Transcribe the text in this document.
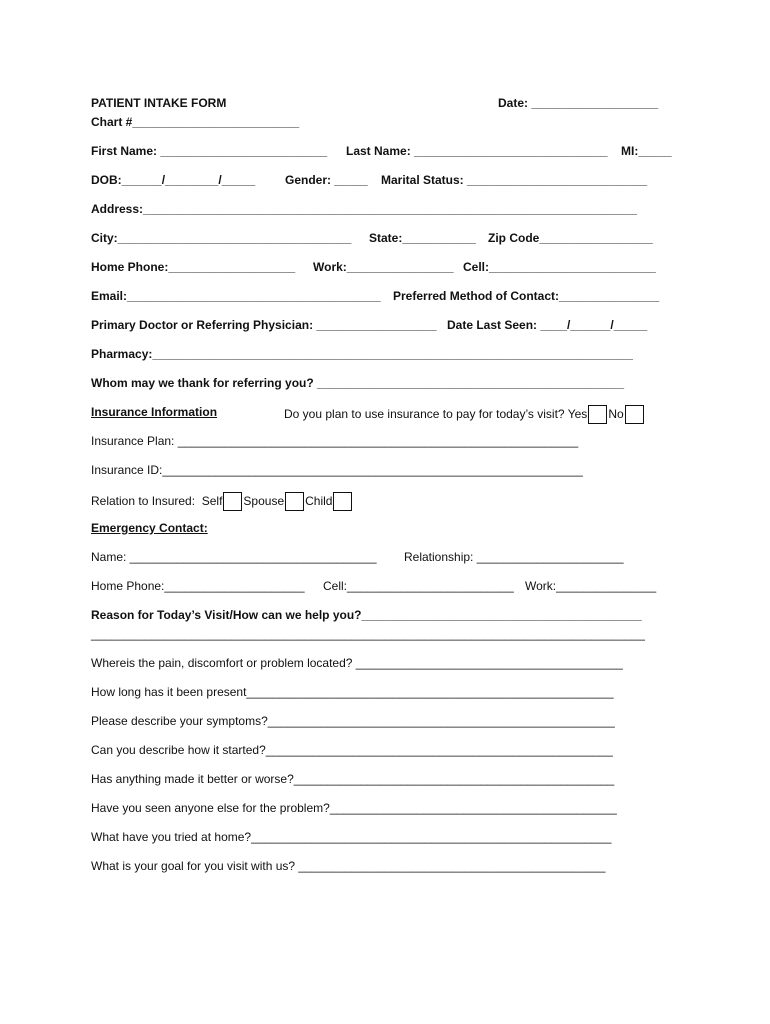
PATIENT INTAKE FORM	Date: ___________________
Chart #_________________________
First Name: _________________________ Last Name: _____________________________ MI:_____
DOB:______/________/_____ Gender: _____ Marital Status: ___________________________
Address:__________________________________________________________________________
City:___________________________________ State:___________ Zip Code_________________
Home Phone:___________________ Work:________________ Cell:_________________________
Email:______________________________________ Preferred Method of Contact:_______________
Primary Doctor or Referring Physician: __________________ Date Last Seen: ____/______/_____
Pharmacy:________________________________________________________________________
Whom may we thank for referring you? ______________________________________________
Insurance Information	Do you plan to use insurance to pay for today’s visit? Yes No
Insurance Plan: ____________________________________________________________
Insurance ID:_______________________________________________________________
Relation to Insured: Self Spouse Child
Emergency Contact:
Name: _____________________________________ Relationship: ______________________
Home Phone:_____________________ Cell:_________________________ Work:_______________
Reason for Today’s Visit/How can we help you?__________________________________________
___________________________________________________________________________________
Whereis the pain, discomfort or problem located? ________________________________________
How long has it been present_______________________________________________________
Please describe your symptoms?____________________________________________________
Can you describe how it started?____________________________________________________
Has anything made it better or worse?________________________________________________
Have you seen anyone else for the problem?___________________________________________
What have you tried at home?______________________________________________________
What is your goal for you visit with us? ______________________________________________
